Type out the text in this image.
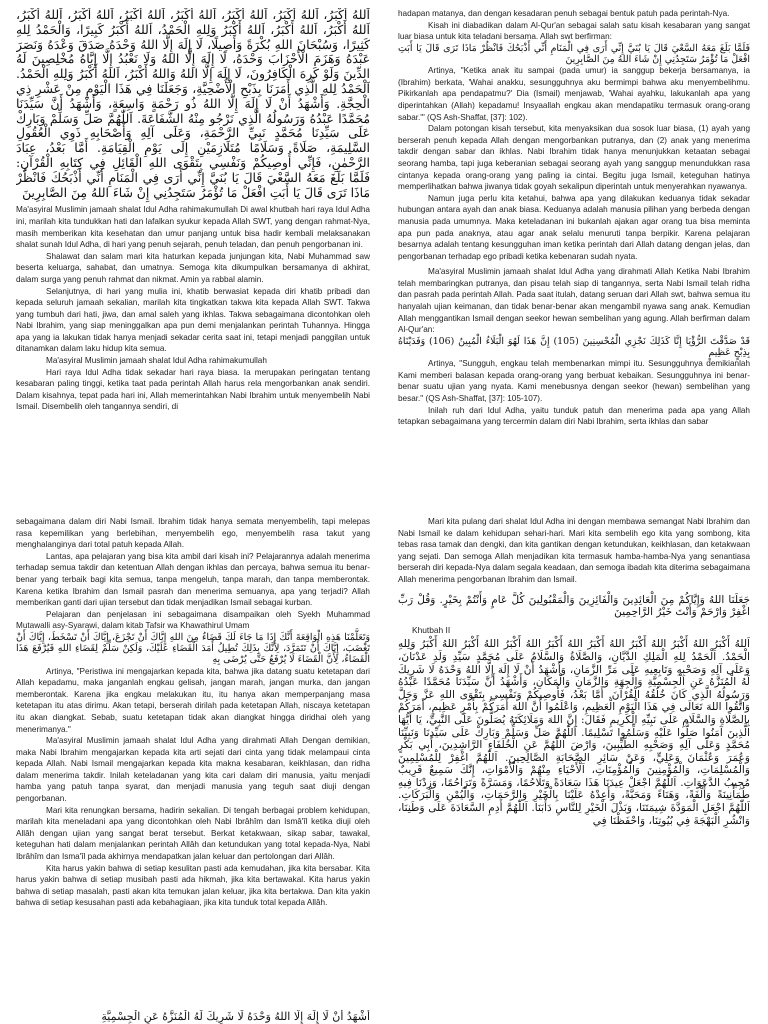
اَللهُ أَكْبَرُ، اَللهُ أَكْبَرُ، اَللهُ أَكْبَرُ، اَللهُ أَكْبَرُ، اَللهُ أَكْبَرُ، اَللهُ أَكْبَرُ، اَللهُ أَكْبَرُ، اَللهُ أَكْبَرُ، اَللهُ أَكْبَرُ، اَللهُ أَكْبَرُ وَلِلهِ الْحَمْدُ، اَللهُ أَكْبَرُ كَبِيرًا، وَالْحَمْدُ لِلهِ كَثِيرًا، وَسُبْحَانَ اللهِ بُكْرَةً وَأَصِيلًا، لَا إِلَهَ إِلَّا اللهُ وَحْدَهُ صَدَقَ وَعْدَهُ وَنَصَرَ عَبْدَهُ وَهَزَمَ الْأَحْزَابَ وَحْدَهُ، لَا إِلَهَ إِلَّا اللهُ وَلَا نَعْبُدُ إِلَّا إِيَّاهُ مُخْلِصِينَ لَهُ الدِّينَ وَلَوْ كَرِهَ الْكَافِرُونَ، لَا إِلَهَ إِلَّا اللهُ وَاللهُ أَكْبَرُ، اَللهُ أَكْبَرُ وَلِلهِ الْحَمْدُ. اَلْحَمْدُ لِلهِ الَّذِي أَمَرَنَا بِذَبْحِ الْأُضْحِيَّةِ، وَجَعَلَنَا فِي هَذَا الْيَوْمِ مِنْ عَشْرِ ذِي الْحِجَّةِ. وَأَشْهَدُ أَنْ لَا إِلَهَ إِلَّا اللهُ ذُو رَحْمَةٍ وَاسِعَةٍ، وَأَشْهَدُ أَنَّ سَيِّدَنَا مُحَمَّدًا عَبْدُهُ وَرَسُولُهُ الَّذِي نَرْجُو مِنْهُ الشَّفَاعَةَ. اَللّٰهُمَّ صَلِّ وَسَلِّمْ وَبَارِكْ عَلَى سَيِّدِنَا مُحَمَّدٍ نَبِيِّ الرَّحْمَةِ، وَعَلَى آلِهِ وَأَصْحَابِهِ ذَوِي الْعُقُولِ السَّلِيمَةِ، صَلَاةً وَسَلَامًا مُتَلَازِمَيْنِ إِلَى يَوْمِ الْقِيَامَةِ. أَمَّا بَعْدُ، عِبَادَ الرَّحْمٰنِ، فَإِنِّي أُوصِيكُمْ وَنَفْسِي بِتَقْوَى اللهِ الْقَائِلِ فِي كِتَابِهِ الْقُرْآنِ: فَلَمَّا بَلَغَ مَعَهُ السَّعْيَ قَالَ يَا بُنَيَّ إِنِّي أَرَى فِي الْمَنَامِ أَنِّي أَذْبَحُكَ فَانْظُرْ مَاذَا تَرَى قَالَ يَا أَبَتِ افْعَلْ مَا تُؤْمَرُ سَتَجِدُنِي إِنْ شَاءَ اللهُ مِنَ الصَّابِرِينَ

Ma'asyiral Muslimin jamaah shalat Idul Adha rahimakumullah Di awal khutbah hari raya Idul Adha ini, marilah kita tundukkan hati dan lafalkan syukur kepada Allah SWT, yang dengan rahmat-Nya, masih memberikan kita kesehatan dan umur panjang untuk bisa hadir kembali melaksanakan shalat sunah Idul Adha, di hari yang penuh sejarah, penuh teladan, dan penuh pengorbanan ini.

Shalawat dan salam mari kita haturkan kepada junjungan kita, Nabi Muhammad saw beserta keluarga, sahabat, dan umatnya. Semoga kita dikumpulkan bersamanya di akhirat, dalam surga yang penuh rahmat dan nikmat. Amin ya rabbal alamin.

Selanjutnya, di hari yang mulia ini, khatib berwasiat kepada diri khatib pribadi dan kepada seluruh jamaah sekalian, marilah kita tingkatkan takwa kita kepada Allah SWT. Takwa yang tumbuh dari hati, jiwa, dan amal saleh yang ikhlas. Takwa sebagaimana dicontohkan oleh Nabi Ibrahim, yang siap meninggalkan apa pun demi menjalankan perintah Tuhannya. Hingga apa yang ia lakukan tidak hanya menjadi sekadar cerita saat ini, tetapi menjadi panggilan untuk ditanamkan dalam laku hidup kita semua.

Ma'asyiral Muslimin jamaah shalat Idul Adha rahimakumullah

Hari raya Idul Adha tidak sekadar hari raya biasa. Ia merupakan peringatan tentang kesabaran paling tinggi, ketika taat pada perintah Allah harus rela mengorbankan anak sendiri. Dalam kisahnya, tepat pada hari ini, Allah memerintahkan Nabi Ibrahim untuk menyembelih Nabi Ismail. Disembelih oleh tangannya sendiri, di

hadapan matanya, dan dengan kesadaran penuh sebagai bentuk patuh pada perintah-Nya.

Kisah ini diabadikan dalam Al-Qur'an sebagai salah satu kisah kesabaran yang sangat luar biasa untuk kita teladani bersama. Allah swt berfirman:

فَلَمَّا بَلَغَ مَعَهُ السَّعْيَ قَالَ يَا بُنَيَّ إِنِّي أَرَى فِي الْمَنَامِ أَنِّي أَذْبَحُكَ فَانْظُرْ مَاذَا تَرَى قَالَ يَا أَبَتِ افْعَلْ مَا تُؤْمَرُ سَتَجِدُنِي إِنْ شَاءَ اللهُ مِنَ الصَّابِرِينَ

Artinya, "Ketika anak itu sampai (pada umur) ia sanggup bekerja bersamanya, ia (Ibrahim) berkata, 'Wahai anakku, sesungguhnya aku bermimpi bahwa aku menyembelihmu. Pikirkanlah apa pendapatmu?' Dia (Ismail) menjawab, 'Wahai ayahku, lakukanlah apa yang diperintahkan (Allah) kepadamu! Insyaallah engkau akan mendapatiku termasuk orang-orang sabar.'" (QS Ash-Shaffat, [37]: 102).

Dalam potongan kisah tersebut, kita menyaksikan dua sosok luar biasa, (1) ayah yang berserah penuh kepada Allah dengan mengorbankan putranya, dan (2) anak yang menerima takdir dengan sabar dan ikhlas. Nabi Ibrahim tidak hanya menunjukkan ketaatan sebagai seorang hamba, tapi juga keberanian sebagai seorang ayah yang sanggup menundukkan rasa cintanya kepada orang-orang yang paling ia cintai. Begitu juga Ismail, keteguhan hatinya memperlihatkan bahwa jiwanya tidak goyah sekalipun diperintah untuk menyerahkan nyawanya.

Namun juga perlu kita ketahui, bahwa apa yang dilakukan keduanya tidak sekadar hubungan antara ayah dan anak biasa. Keduanya adalah manusia pilihan yang berbeda dengan manusia pada umumnya. Maka keteladanan ini bukanlah ajakan agar orang tua bisa meminta apa pun pada anaknya, atau agar anak selalu menuruti tanpa berpikir. Karena pelajaran besarnya adalah tentang kesungguhan iman ketika perintah dari Allah datang dengan jelas, dan pengorbanan terhadap ego pribadi ketika kebenaran sudah nyata.

Ma'asyiral Muslimin jamaah shalat Idul Adha yang dirahmati Allah Ketika Nabi Ibrahim telah membaringkan putranya, dan pisau telah siap di tangannya, serta Nabi Ismail telah ridha dan pasrah pada perintah Allah. Pada saat itulah, datang seruan dari Allah swt, bahwa semua itu hanyalah ujian keimanan, dan tidak benar-benar akan mengambil nyawa sang anak. Kemudian Allah menggantikan Ismail dengan seekor hewan sembelihan yang agung. Allah berfirman dalam Al-Qur'an:

قَدْ صَدَّقْتَ الرُّؤْيَا إِنَّا كَذَلِكَ نَجْزِي الْمُحْسِنِينَ (105) إِنَّ هَذَا لَهُوَ الْبَلَاءُ الْمُبِينُ (106) وَفَدَيْنَاهُ بِذِبْحٍ عَظِيمٍ

Artinya, "Sungguh, engkau telah membenarkan mimpi itu. Sesungguhnya demikianlah Kami memberi balasan kepada orang-orang yang berbuat kebaikan. Sesungguhnya ini benar-benar suatu ujian yang nyata. Kami menebusnya dengan seekor (hewan) sembelihan yang besar." (QS Ash-Shaffat, [37]: 105-107).

Inilah ruh dari Idul Adha, yaitu tunduk patuh dan menerima pada apa yang Allah tetapkan sebagaimana yang tercermin dalam diri Nabi Ibrahim, serta ikhlas dan sabar

sebagaimana dalam diri Nabi Ismail. Ibrahim tidak hanya semata menyembelih, tapi melepas rasa kepemilikan yang berlebihan, menyembelih ego, menyembelih rasa takut yang menghalanginya dari total patuh kepada Allah.

Lantas, apa pelajaran yang bisa kita ambil dari kisah ini? Pelajarannya adalah menerima terhadap semua takdir dan ketentuan Allah dengan ikhlas dan percaya, bahwa semua itu benar-benar yang terbaik bagi kita semua, tanpa mengeluh, tanpa marah, dan tanpa memberontak. Karena ketika Ibrahim dan Ismail pasrah dan menerima semuanya, apa yang terjadi? Allah memberikan ganti dari ujian tersebut dan tidak menjadikan Ismail sebagai kurban.

Pelajaran dan penjelasan ini sebagaimana disampaikan oleh Syekh Muhammad Mutawalli asy-Syarawi, dalam kitab Tafsir wa Khawathirul Umam

وَتَعَلَّمْنَا هَذِهِ الْوَاقِعَةَ أَنَّكَ إِذَا مَا جَاءَ لَكَ قَضَاءٌ مِنَ اللهِ إِيَّاكَ أَنْ تَجْزَعَ، إِيَّاكَ أَنْ تَسْخَطَ، إِيَّاكَ أَنْ تَغْضَبَ، إِيَّاكَ أَنْ تَتَمَرَّدَ، لِأَنَّكَ بِذَلِكَ تُطِيلُ أَمَدَ الْقَضَاءِ عَلَيْكَ، وَلَكِنْ سَلِّمْ لِقَضَاءِ اللهِ فَيُرْفَعَ هَذَا الْقَضَاءُ، لِأَنَّ الْقَضَاءَ لَا يُرْفَعُ حَتَّى يُرْضَى بِهِ

Artinya, "Peristiwa ini mengajarkan kepada kita, bahwa jika datang suatu ketetapan dari Allah kepadamu, maka janganlah engkau gelisah, jangan marah, jangan murka, dan jangan memberontak. Karena jika engkau melakukan itu, itu hanya akan memperpanjang masa ketetapan itu atas dirimu. Akan tetapi, berserah dirilah pada ketetapan Allah, niscaya ketetapan itu akan diangkat. Sebab, suatu ketetapan tidak akan diangkat hingga diridhai oleh yang menerimanya."

Ma'asyiral Muslimin jamaah shalat Idul Adha yang dirahmati Allah Dengan demikian, maka Nabi Ibrahim mengajarkan kepada kita arti sejati dari cinta yang tidak melampaui cinta kepada Allah. Nabi Ismail mengajarkan kepada kita makna kesabaran, keikhlasan, dan ridha dalam menerima takdir. Inilah keteladanan yang kita cari dalam diri manusia, yaitu menjadi hamba yang patuh tanpa syarat, dan menjadi manusia yang teguh saat diuji dengan pengorbanan.

Mari kita renungkan bersama, hadirin sekalian. Di tengah berbagai problem kehidupan, marilah kita meneladani apa yang dicontohkan oleh Nabi Ibrâhîm dan Ismâ'îl ketika diuji oleh Allâh dengan ujian yang sangat berat tersebut. Berkat ketakwaan, sikap sabar, tawakal, keteguhan hati dalam menjalankan perintah Allâh dan ketundukan yang total kepada-Nya, Nabi Ibrâhîm dan Isma'îl pada akhirnya mendapatkan jalan keluar dan pertolongan dari Allâh.

Kita harus yakin bahwa di setiap kesulitan pasti ada kemudahan, jika kita bersabar. Kita harus yakin bahwa di setiap musibah pasti ada hikmah, jika kita bertawakal. Kita harus yakin bahwa di setiap masalah, pasti akan kita temukan jalan keluar, jika kita bertakwa. Dan kita yakin bahwa di setiap kesusahan pasti ada kebahagiaan, jika kita tunduk total kepada Allâh.

Mari kita pulang dari shalat Idul Adha ini dengan membawa semangat Nabi Ibrahim dan Nabi Ismail ke dalam kehidupan sehari-hari. Mari kita sembelih ego kita yang sombong, kita tebas rasa tamak dan dengki, dan kita gantikan dengan ketundukan, keikhlasan, dan ketakwaan yang sejati. Dan semoga Allah menjadikan kita termasuk hamba-hamba-Nya yang senantiasa berserah diri kepada-Nya dalam segala keadaan, dan semoga ibadah kita diterima sebagaimana Allah menerima pengorbanan Ibrahim dan Ismail.

جَعَلَنَا اللهُ وَإِيَّاكُمْ مِنَ الْعَائِدِينَ وَالْفَائِزِينَ وَالْمَقْبُولِينَ كُلَّ عَامٍ وَأَنْتُمْ بِخَيْرٍ. وَقُلْ رَبِّ اغْفِرْ وَارْحَمْ وَأَنْتَ خَيْرُ الرَّاحِمِينَ

Khutbah II

اَللهُ أَكْبَرُ اللهُ أَكْبَرُ اللهُ أَكْبَرُ اللهُ أَكْبَرُ اللهُ أَكْبَرُ اللهُ أَكْبَرُ اللهُ أَكْبَرُ اللهُ أَكْبَرُ وَلِلهِ الْحَمْدُ. اَلْحَمْدُ لِلهِ الْمَلِكِ الدَّيَّانِ، وَالصَّلَاةُ وَالسَّلَامُ عَلَى مُحَمَّدٍ سَيِّدِ وَلَدِ عَدْنَانَ، وَعَلَى آلِهِ وَصَحْبِهِ وَتَابِعِيهِ عَلَى مَرِّ الزَّمَانِ، وَأَشْهَدُ أَنْ لَا إِلَهَ إِلَّا اللهُ وَحْدَهُ لَا شَرِيكَ لَهُ الْمُنَزَّهُ عَنِ الْجِسْمِيَّةِ وَالْجِهَةِ وَالزَّمَانِ وَالْمَكَانِ، وَأَشْهَدُ أَنَّ سَيِّدَنَا مُحَمَّدًا عَبْدُهُ وَرَسُولُهُ الَّذِي كَانَ خُلُقُهُ الْقُرْآنَ. أَمَّا بَعْدُ، فَأُوصِيكُمْ وَنَفْسِي بِتَقْوَى اللهِ عَزَّ وَجَلَّ وَاتَّقُوا اللهَ تَعَالَى فِي هَذَا الْيَوْمِ الْعَظِيمِ، وَاعْلَمُوا أَنَّ اللهَ أَمَرَكُمْ بِأَمْرٍ عَظِيمٍ، أَمَرَكُمْ بِالصَّلَاةِ وَالسَّلَامِ عَلَى نَبِيِّهِ الْكَرِيمِ فَقَالَ: إِنَّ اللهَ وَمَلَائِكَتَهُ يُصَلُّونَ عَلَى النَّبِيِّ، يَا أَيُّهَا الَّذِينَ آمَنُوا صَلُّوا عَلَيْهِ وَسَلِّمُوا تَسْلِيمًا. اَللّٰهُمَّ صَلِّ وَسَلِّمْ وَبَارِكْ عَلَى سَيِّدِنَا وَنَبِيِّنَا مُحَمَّدٍ وَعَلَى آلِهِ وَصَحْبِهِ الطَّيِّبِينَ، وَارْضَ اللّٰهُمَّ عَنِ الْخُلَفَاءِ الرَّاشِدِينَ، أَبِي بَكْرٍ وَعُمَرَ وَعُثْمَانَ وَعَلِيٍّ، وَعَنْ سَائِرِ الصَّحَابَةِ الصَّالِحِينَ. اَللّٰهُمَّ اغْفِرْ لِلْمُسْلِمِينَ وَالْمُسْلِمَاتِ، وَالْمُؤْمِنِينَ وَالْمُؤْمِنَاتِ، اَلْأَحْيَاءِ مِنْهُمْ وَالْأَمْوَاتِ، إِنَّكَ سَمِيعٌ قَرِيبٌ مُجِيبُ الدَّعَوَاتِ. اَللّٰهُمَّ اجْعَلْ عِيدَنَا هَذَا سَعَادَةً وَتَلَاحُمًا، وَمَسَرَّةً وَتَرَاحُمًا، وَزِدْنَا فِيهِ طُمَأْنِينَةً وَأُلْفَةً، وَهَنَاءً وَمَحَبَّةً، وَأَعِدْهُ عَلَيْنَا بِالْخَيْرِ وَالرَّحَمَاتِ، وَالْيُمْنِ وَالْبَرَكَاتِ. اَللّٰهُمَّ اجْعَلِ الْمَوَدَّةَ شِيمَتَنَا، وَبَذْلَ الْخَيْرِ لِلنَّاسِ دَأْبَنَا. اَللّٰهُمَّ أَدِمِ السَّعَادَةَ عَلَى وَطَنِنَا، وَانْشُرِ الْبَهْجَةَ فِي بُيُوتِنَا، وَاحْفَظْنَا فِي

أَشْهَدُ أَنْ لَا إِلَهَ إِلَّا اللهُ وَحْدَهُ لَا شَرِيكَ لَهُ الْمُنَزَّهُ عَنِ الْجِسْمِيَّةِ
